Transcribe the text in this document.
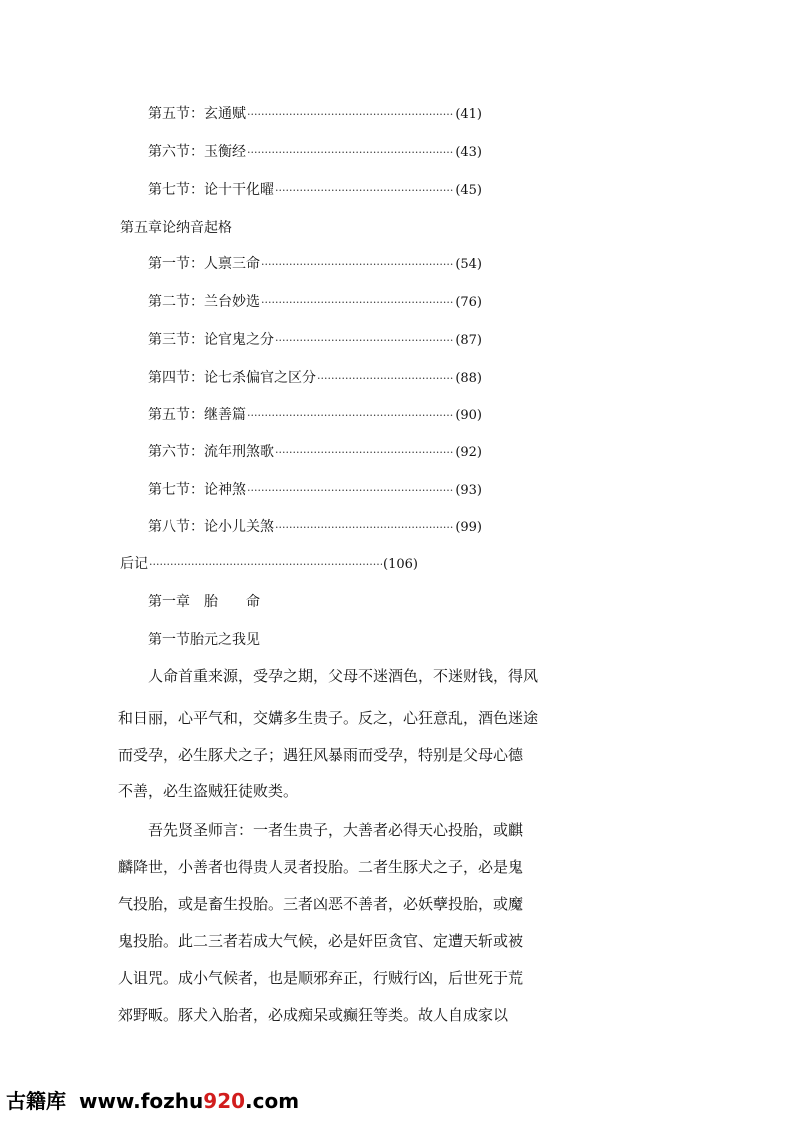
第五节： 玄通赋 ·····	(41)
第六节： 玉衡经 ·····	(43)
第七节： 论十干化曜 ·····	(45)
第五章论纳音起格
第一节： 人禀三命 ·····	(54)
第二节： 兰台妙选 ·····	(76)
第三节： 论官鬼之分 ·····	(87)
第四节： 论七杀偏官之区分 ·····	(88)
第五节： 继善篇 ·····	(90)
第六节： 流年刑煞歌 ·····	(92)
第七节： 论神煞 ·····	(93)
第八节： 论小儿关煞 ·····	(99)
后记 ·····	(106)
第一章　胎　　命
第一节胎元之我见
人命首重来源，受孕之期，父母不迷酒色，不迷财钱，得风
和日丽，心平气和，交媾多生贵子。反之，心狂意乱，酒色迷途
而受孕，必生豚犬之子；遇狂风暴雨而受孕，特别是父母心德
不善，必生盗贼狂徒败类。
吾先贤圣师言：一者生贵子，大善者必得天心投胎，或麒
麟降世，小善者也得贵人灵者投胎。二者生豚犬之子，必是鬼
气投胎，或是畜生投胎。三者凶恶不善者，必妖孽投胎，或魔
鬼投胎。此二三者若成大气候，必是奸臣贪官、定遭天斩或被
人诅咒。成小气候者，也是顺邪弃正，行贼行凶，后世死于荒
郊野畈。豚犬入胎者，必成痴呆或癫狂等类。故人自成家以
古籍库 www.fozhu920.com
